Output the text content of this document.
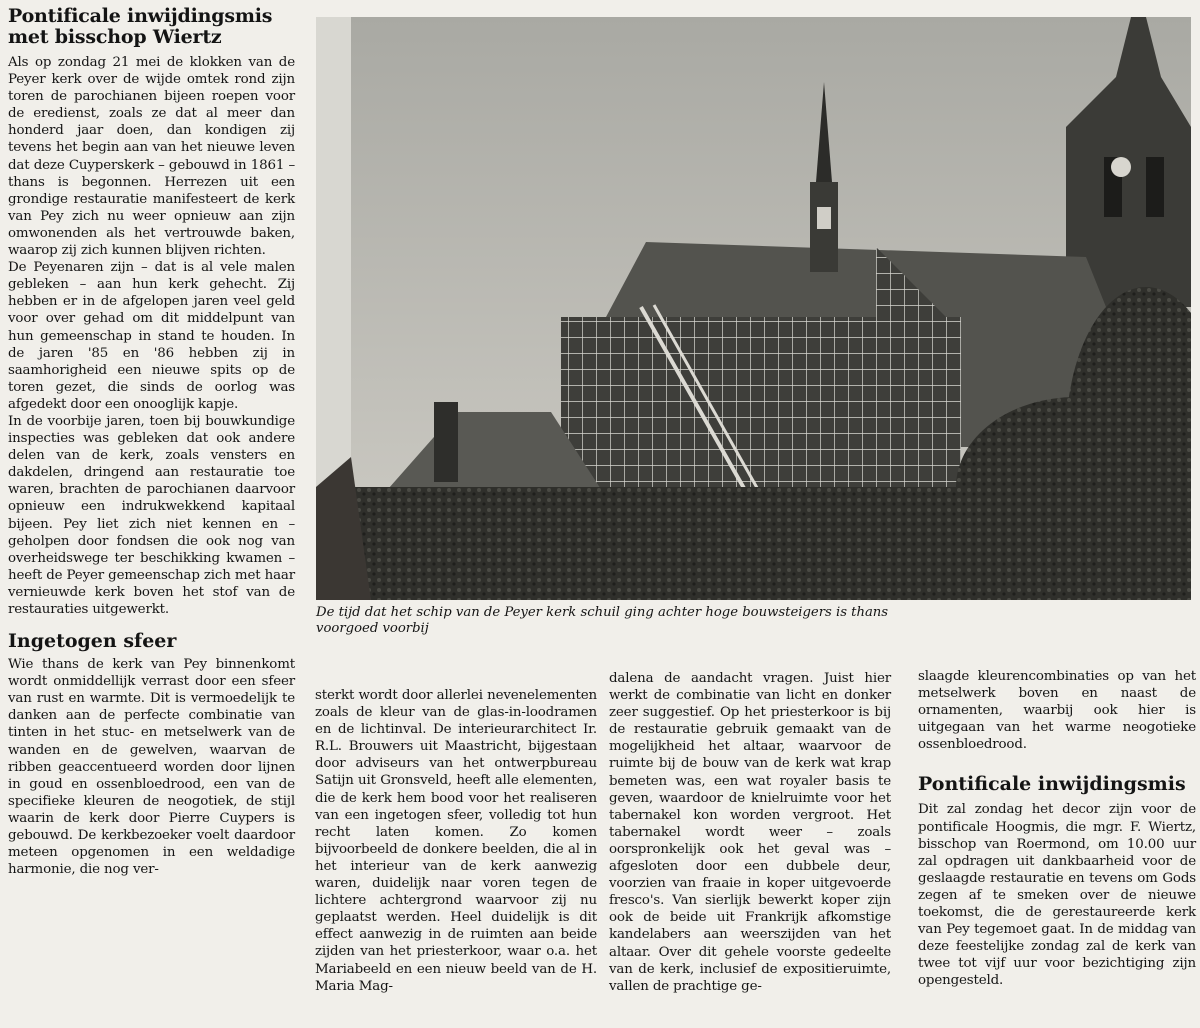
Pontificale inwijdingsmis met bisschop Wiertz

Als op zondag 21 mei de klokken van de Peyer kerk over de wijde omtek rond zijn toren de parochianen bijeen roepen voor de eredienst, zoals ze dat al meer dan honderd jaar doen, dan kondigen zij tevens het begin aan van het nieuwe leven dat deze Cuyperskerk – gebouwd in 1861 – thans is begonnen. Herrezen uit een grondige restauratie manifesteert de kerk van Pey zich nu weer opnieuw aan zijn omwonenden als het vertrouwde baken, waarop zij zich kunnen blijven richten.

De Peyenaren zijn – dat is al vele malen gebleken – aan hun kerk gehecht. Zij hebben er in de afgelopen jaren veel geld voor over gehad om dit middelpunt van hun gemeenschap in stand te houden. In de jaren '85 en '86 hebben zij in saamhorigheid een nieuwe spits op de toren gezet, die sinds de oorlog was afgedekt door een onooglijk kapje.

In de voorbije jaren, toen bij bouwkundige inspecties was gebleken dat ook andere delen van de kerk, zoals vensters en dakdelen, dringend aan restauratie toe waren, brachten de parochianen daarvoor opnieuw een indrukwekkend kapitaal bijeen. Pey liet zich niet kennen en – geholpen door fondsen die ook nog van overheidswege ter beschikking kwamen – heeft de Peyer gemeenschap zich met haar vernieuwde kerk boven het stof van de restauraties uitgewerkt.

Ingetogen sfeer

Wie thans de kerk van Pey binnenkomt wordt onmiddellijk verrast door een sfeer van rust en warmte. Dit is vermoedelijk te danken aan de perfecte combinatie van tinten in het stuc- en metselwerk van de wanden en de gewelven, waarvan de ribben geaccentueerd worden door lijnen in goud en ossenbloedrood, een van de specifieke kleuren de neogotiek, de stijl waarin de kerk door Pierre Cuypers is gebouwd. De kerkbezoeker voelt daardoor meteen opgenomen in een weldadige harmonie, die nog ver-

De tijd dat het schip van de Peyer kerk schuil ging achter hoge bouwsteigers is thans voorgoed voorbij

sterkt wordt door allerlei nevenelementen zoals de kleur van de glas-in-loodramen en de lichtinval. De interieurarchitect Ir. R.L. Brouwers uit Maastricht, bijgestaan door adviseurs van het ontwerpbureau Satijn uit Gronsveld, heeft alle elementen, die de kerk hem bood voor het realiseren van een ingetogen sfeer, volledig tot hun recht laten komen. Zo komen bijvoorbeeld de donkere beelden, die al in het interieur van de kerk aanwezig waren, duidelijk naar voren tegen de lichtere achtergrond waarvoor zij nu geplaatst werden. Heel duidelijk is dit effect aanwezig in de ruimten aan beide zijden van het priesterkoor, waar o.a. het Mariabeeld en een nieuw beeld van de H. Maria Mag-

dalena de aandacht vragen. Juist hier werkt de combinatie van licht en donker zeer suggestief. Op het priesterkoor is bij de restauratie gebruik gemaakt van de mogelijkheid het altaar, waarvoor de ruimte bij de bouw van de kerk wat krap bemeten was, een wat royaler basis te geven, waardoor de knielruimte voor het tabernakel kon worden vergroot. Het tabernakel wordt weer – zoals oorspronkelijk ook het geval was – afgesloten door een dubbele deur, voorzien van fraaie in koper uitgevoerde fresco's. Van sierlijk bewerkt koper zijn ook de beide uit Frankrijk afkomstige kandelabers aan weerszijden van het altaar. Over dit gehele voorste gedeelte van de kerk, inclusief de expositieruimte, vallen de prachtige ge-

slaagde kleurencombinaties op van het metselwerk boven en naast de ornamenten, waarbij ook hier is uitgegaan van het warme neogotieke ossenbloedrood.

Pontificale inwijdingsmis

Dit zal zondag het decor zijn voor de pontificale Hoogmis, die mgr. F. Wiertz, bisschop van Roermond, om 10.00 uur zal opdragen uit dankbaarheid voor de geslaagde restauratie en tevens om Gods zegen af te smeken over de nieuwe toekomst, die de gerestaureerde kerk van Pey tegemoet gaat. In de middag van deze feestelijke zondag zal de kerk van twee tot vijf uur voor bezichtiging zijn opengesteld.
